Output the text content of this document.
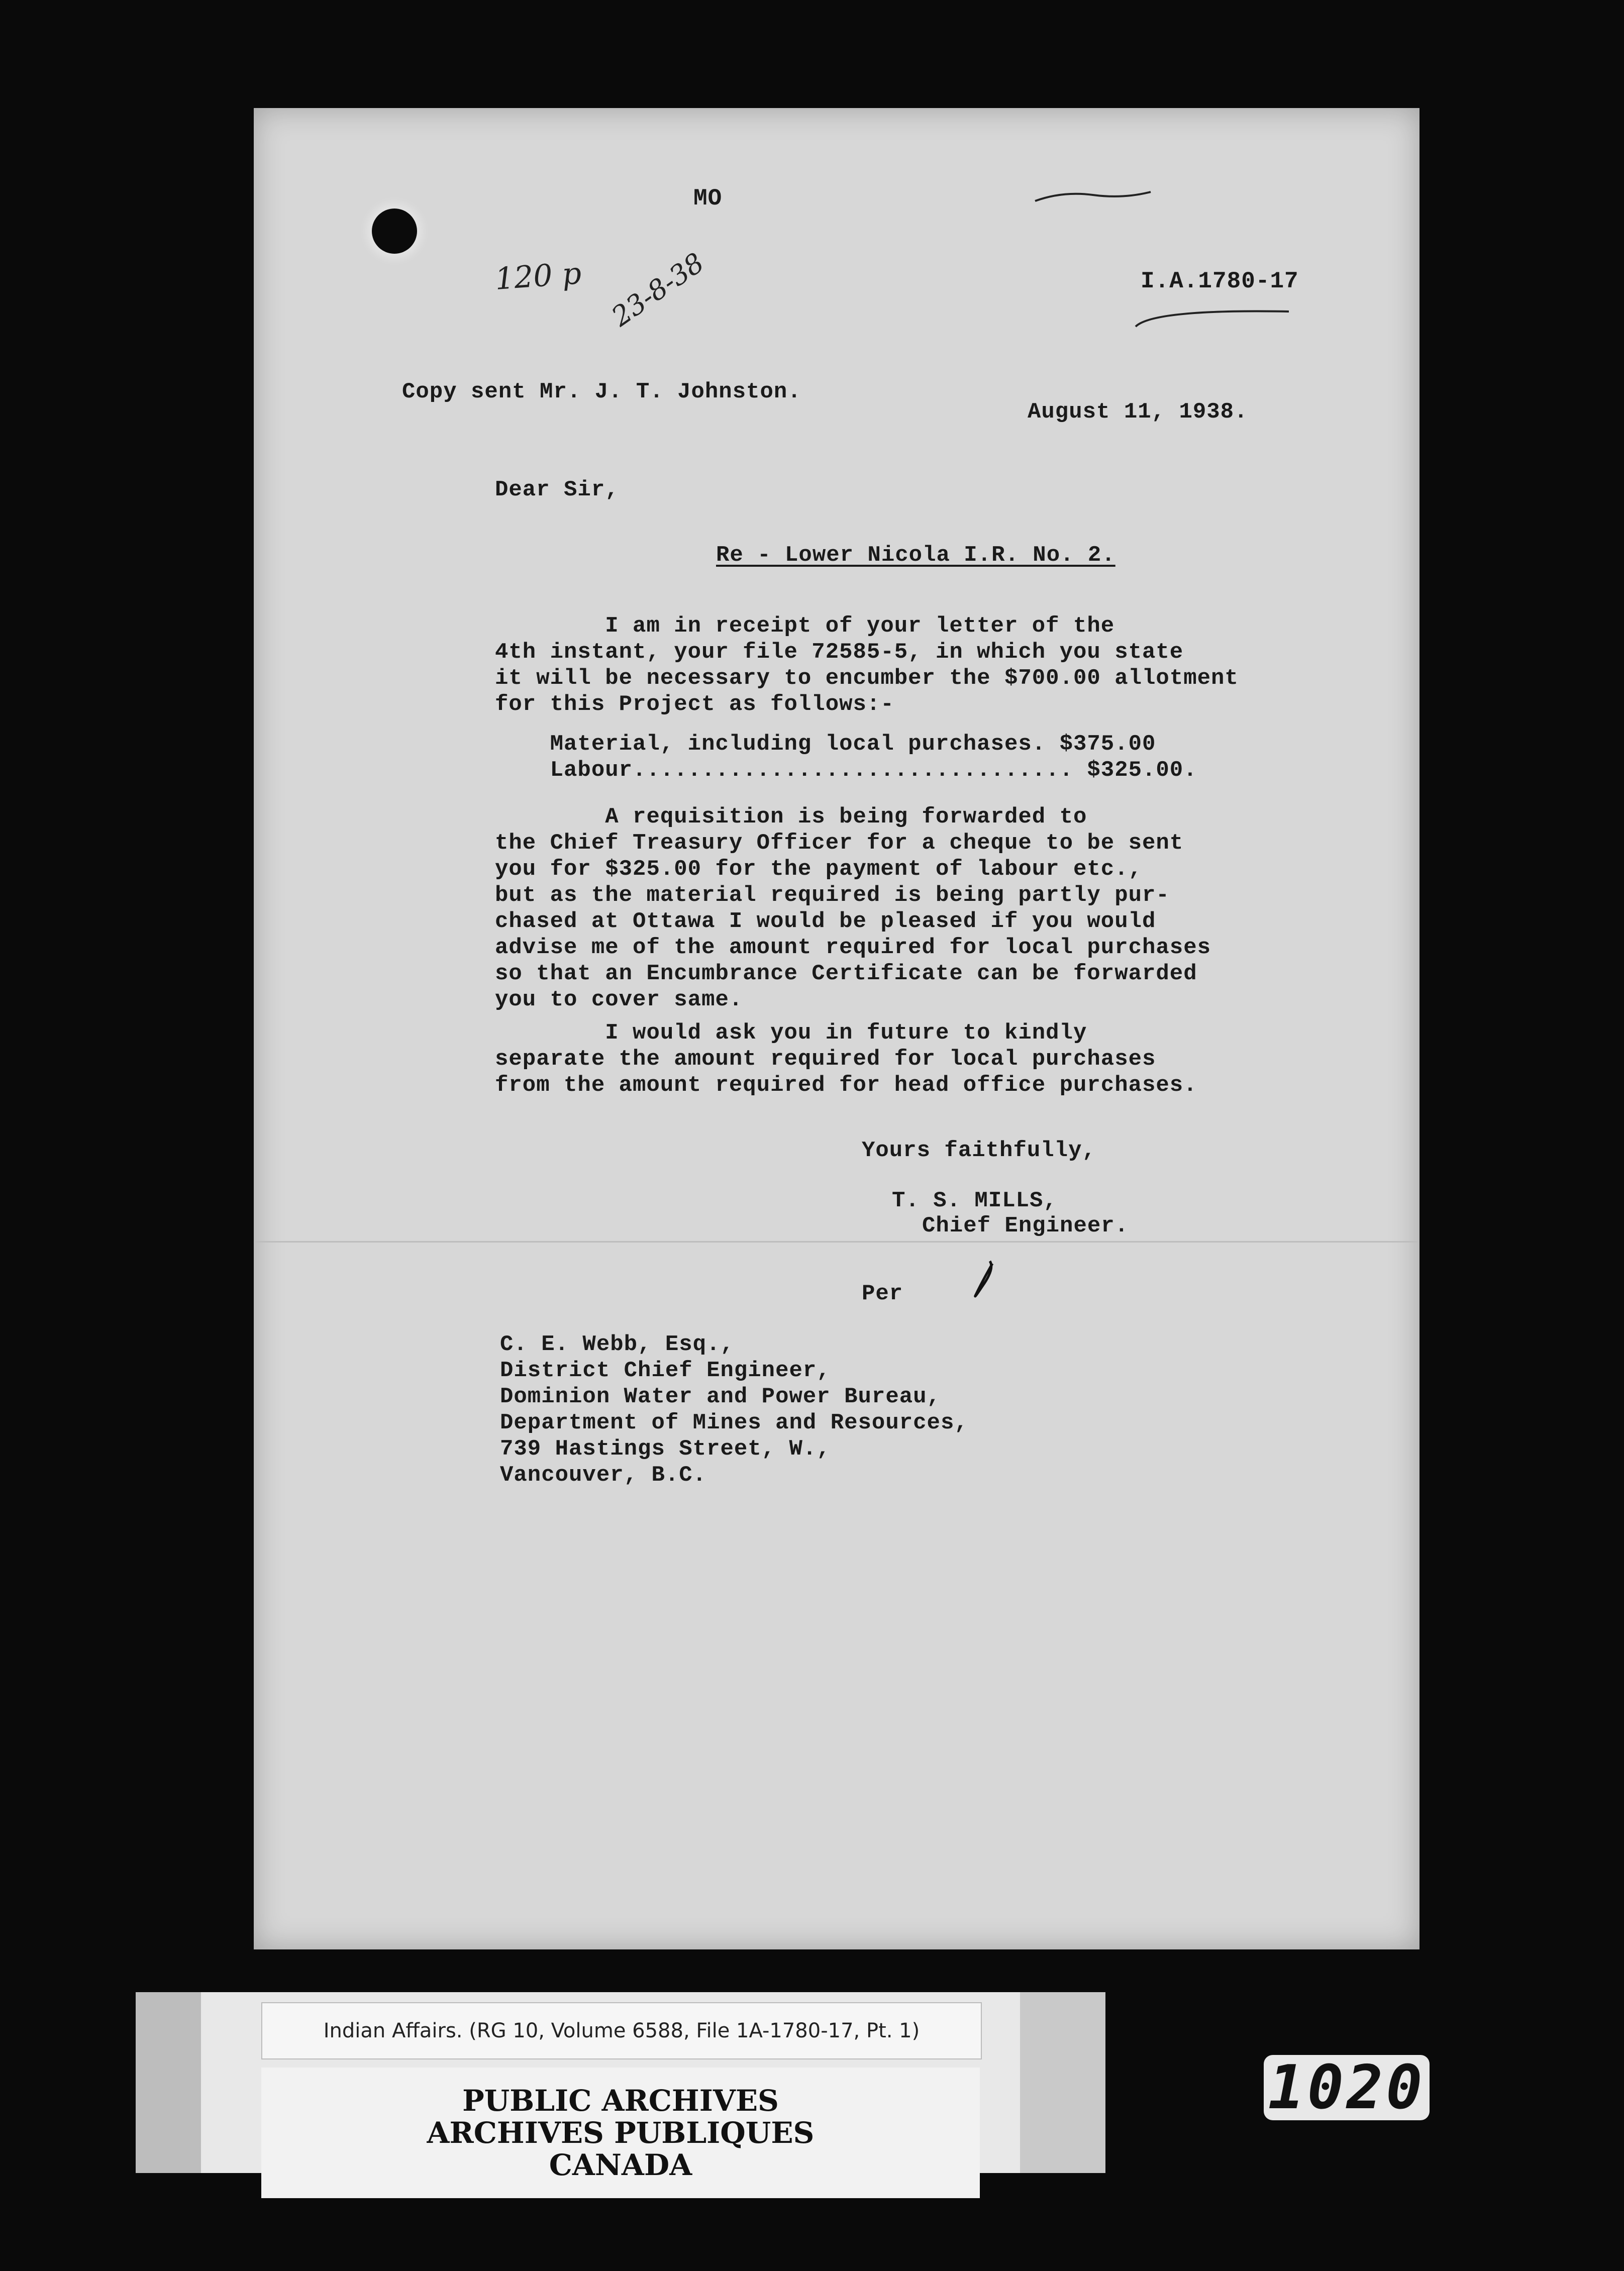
MO
120 p 23-8-38	I.A.1780-17
Copy sent Mr. J. T. Johnston.
August 11, 1938.
Dear Sir,
Re - Lower Nicola I.R. No. 2.
I am in receipt of your letter of the
4th instant, your file 72585-5, in which you state
it will be necessary to encumber the $700.00 allotment
for this Project as follows:-
Material, including local purchases. $375.00
Labour................................ $325.00.
A requisition is being forwarded to
the Chief Treasury Officer for a cheque to be sent
you for $325.00 for the payment of labour etc.,
but as the material required is being partly pur-
chased at Ottawa I would be pleased if you would
advise me of the amount required for local purchases
so that an Encumbrance Certificate can be forwarded
you to cover same.
I would ask you in future to kindly
separate the amount required for local purchases
from the amount required for head office purchases.
Yours faithfully,
T. S. MILLS,
Chief Engineer.
Per
C. E. Webb, Esq.,
District Chief Engineer,
Dominion Water and Power Bureau,
Department of Mines and Resources,
739 Hastings Street, W.,
Vancouver, B.C.
Indian Affairs. (RG 10, Volume 6588, File 1A-1780-17, Pt. 1)
PUBLIC ARCHIVES
ARCHIVES PUBLIQUES
CANADA
1020
